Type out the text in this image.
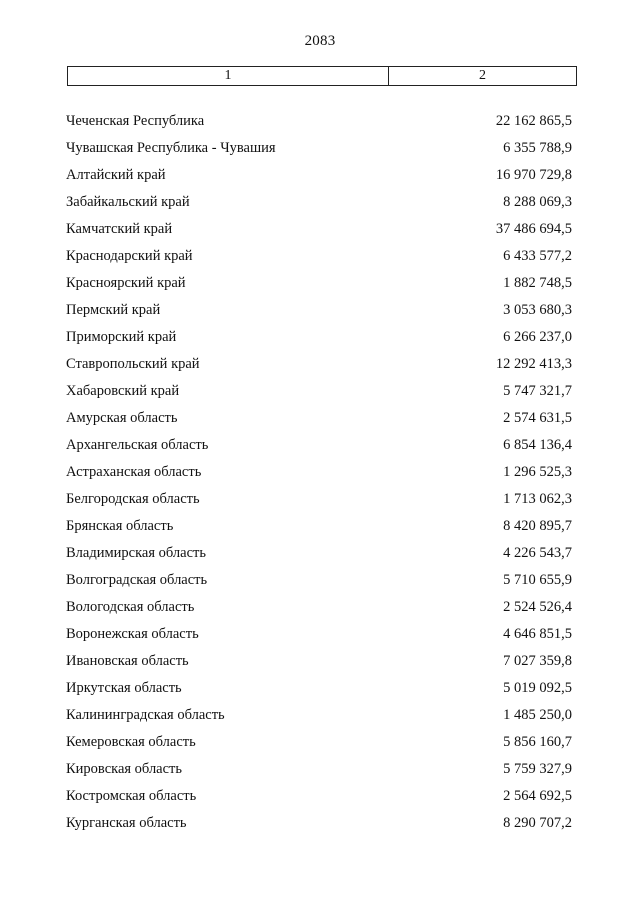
2083
1	2
Чеченская Республика	22 162 865,5
Чувашская Республика - Чувашия	6 355 788,9
Алтайский край	16 970 729,8
Забайкальский край	8 288 069,3
Камчатский край	37 486 694,5
Краснодарский край	6 433 577,2
Красноярский край	1 882 748,5
Пермский край	3 053 680,3
Приморский край	6 266 237,0
Ставропольский край	12 292 413,3
Хабаровский край	5 747 321,7
Амурская область	2 574 631,5
Архангельская область	6 854 136,4
Астраханская область	1 296 525,3
Белгородская область	1 713 062,3
Брянская область	8 420 895,7
Владимирская область	4 226 543,7
Волгоградская область	5 710 655,9
Вологодская область	2 524 526,4
Воронежская область	4 646 851,5
Ивановская область	7 027 359,8
Иркутская область	5 019 092,5
Калининградская область	1 485 250,0
Кемеровская область	5 856 160,7
Кировская область	5 759 327,9
Костромская область	2 564 692,5
Курганская область	8 290 707,2
